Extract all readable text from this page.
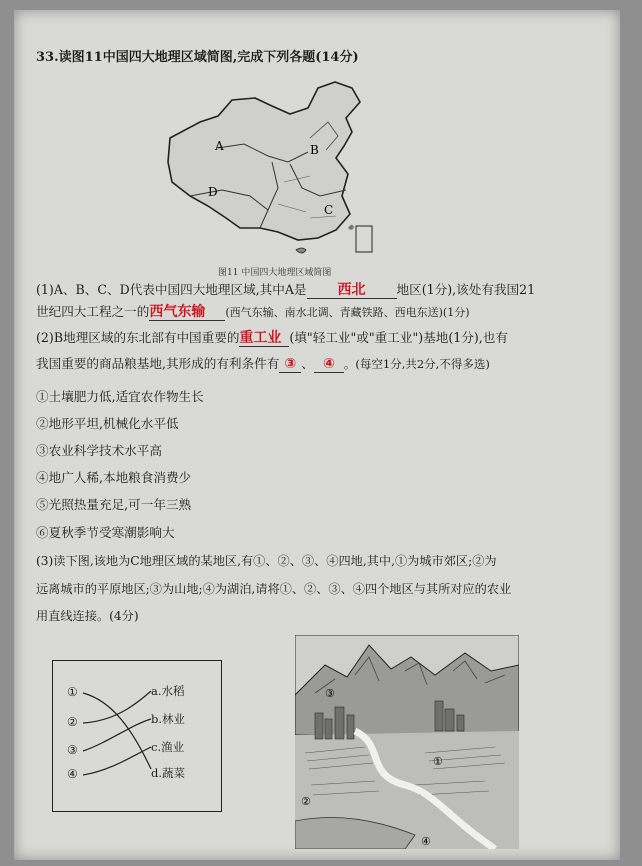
33.读图11中国四大地理区域简图,完成下列各题(14分)
A	B
D
C
图11 中国四大地理区域简图
(1)A、B、C、D代表中国四大地理区域,其中A是 西北 地区(1分),该处有我国21
世纪四大工程之一的西气东输 (西气东输、南水北调、青藏铁路、西电东送)(1分)
(2)B地理区域的东北部有中国重要的重工业 (填"轻工业"或"重工业")基地(1分),也有
我国重要的商品粮基地,其形成的有利条件有 ③ 、 ④ 。(每空1分,共2分,不得多选)
①土壤肥力低,适宜农作物生长
②地形平坦,机械化水平低
③农业科学技术水平高
④地广人稀,本地粮食消费少
⑤光照热量充足,可一年三熟
⑥夏秋季节受寒潮影响大
(3)读下图,该地为C地理区域的某地区,有①、②、③、④四地,其中,①为城市郊区;②为
远离城市的平原地区;③为山地;④为湖泊,请将①、②、③、④四个地区与其所对应的农业
用直线连接。(4分)
①
②
③
④
a.水稻
b.林业
c.渔业
d.蔬菜
③
①
②
④
